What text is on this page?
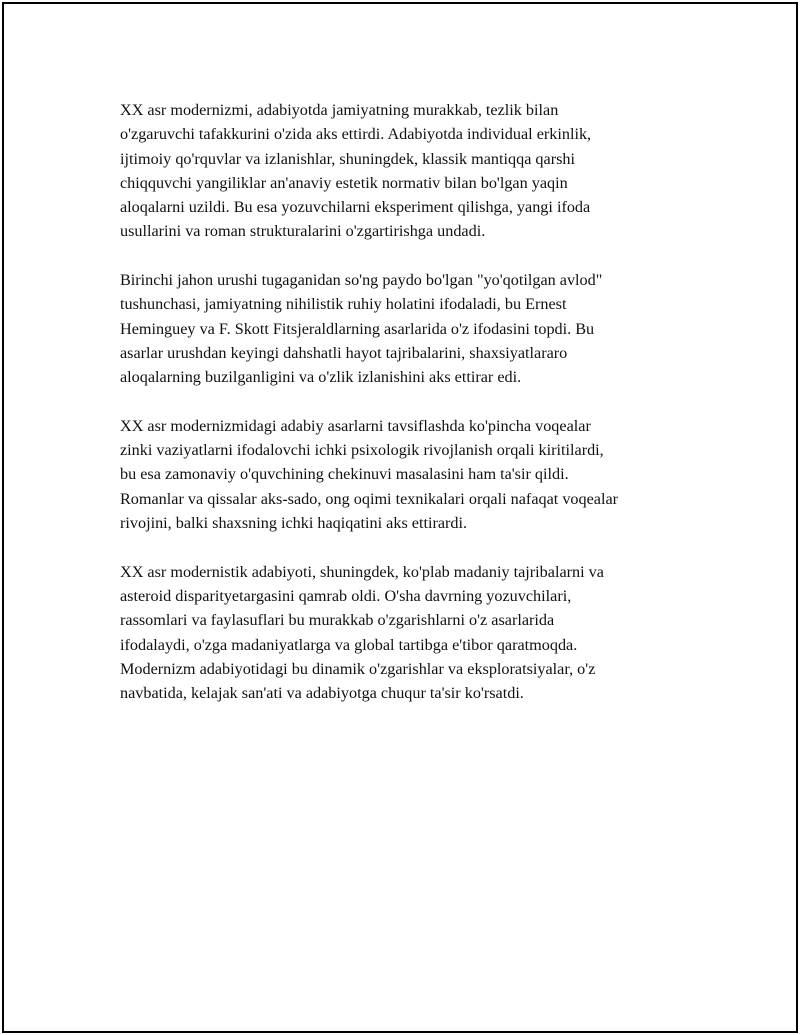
XX asr modernizmi, adabiyotda jamiyatning murakkab, tezlik bilan
o'zgaruvchi tafakkurini o'zida aks ettirdi. Adabiyotda individual erkinlik,
ijtimoiy qo'rquvlar va izlanishlar, shuningdek, klassik mantiqqa qarshi
chiqquvchi yangiliklar an'anaviy estetik normativ bilan bo'lgan yaqin
aloqalarni uzildi. Bu esa yozuvchilarni eksperiment qilishga, yangi ifoda
usullarini va roman strukturalarini o'zgartirishga undadi.

Birinchi jahon urushi tugaganidan so'ng paydo bo'lgan "yo'qotilgan avlod"
tushunchasi, jamiyatning nihilistik ruhiy holatini ifodaladi, bu Ernest
Heminguey va F. Skott Fitsjeraldlarning asarlarida o'z ifodasini topdi. Bu
asarlar urushdan keyingi dahshatli hayot tajribalarini, shaxsiyatlararo
aloqalarning buzilganligini va o'zlik izlanishini aks ettirar edi.

XX asr modernizmidagi adabiy asarlarni tavsiflashda ko'pincha voqealar
zinki vaziyatlarni ifodalovchi ichki psixologik rivojlanish orqali kiritilardi,
bu esa zamonaviy o'quvchining chekinuvi masalasini ham ta'sir qildi.
Romanlar va qissalar aks-sado, ong oqimi texnikalari orqali nafaqat voqealar
rivojini, balki shaxsning ichki haqiqatini aks ettirardi.

XX asr modernistik adabiyoti, shuningdek, ko'plab madaniy tajribalarni va
asteroid disparityetargasini qamrab oldi. O'sha davrning yozuvchilari,
rassomlari va faylasuflari bu murakkab o'zgarishlarni o'z asarlarida
ifodalaydi, o'zga madaniyatlarga va global tartibga e'tibor qaratmoqda.
Modernizm adabiyotidagi bu dinamik o'zgarishlar va eksploratsiyalar, o'z
navbatida, kelajak san'ati va adabiyotga chuqur ta'sir ko'rsatdi.
